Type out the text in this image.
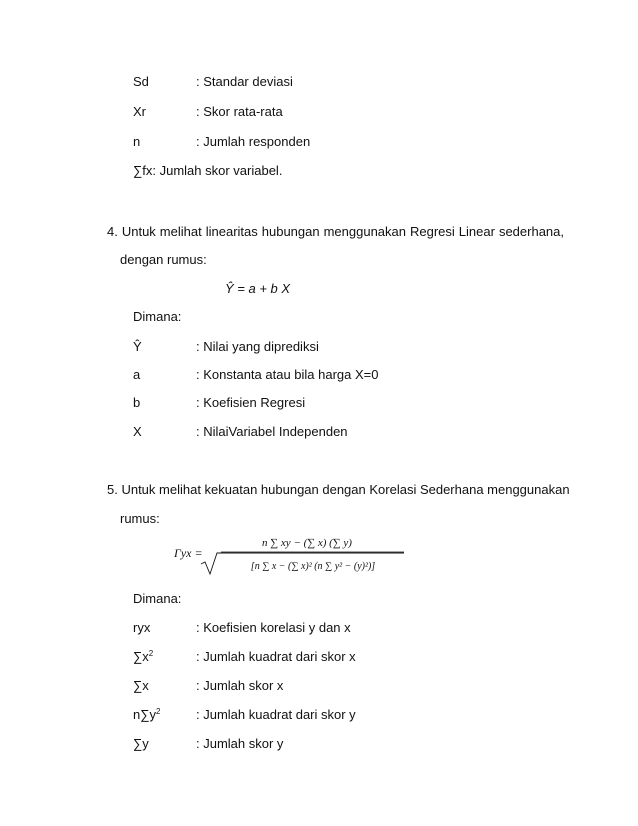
Sd	: Standar deviasi
Xr	: Skor rata-rata
n	: Jumlah responden
∑fx: Jumlah skor variabel.
4. Untuk melihat linearitas hubungan menggunakan Regresi Linear sederhana,
dengan rumus:
Ŷ = a + b X
Dimana:
Ŷ	: Nilai yang diprediksi
a	: Konstanta atau bila harga X=0
b	: Koefisien Regresi
X	: NilaiVariabel Independen
5. Untuk melihat kekuatan hubungan dengan Korelasi Sederhana menggunakan
rumus:
Γyx =
n ∑ xy − (∑ x) (∑ y)
[n ∑ x − (∑ x)² (n ∑ y² − (y)²)]
Dimana:
ryx	: Koefisien korelasi y dan x
$\sum x^2$	: Jumlah kuadrat dari skor x
∑x	: Jumlah skor x
$n\sum y^2$	: Jumlah kuadrat dari skor y
∑y	: Jumlah skor y
